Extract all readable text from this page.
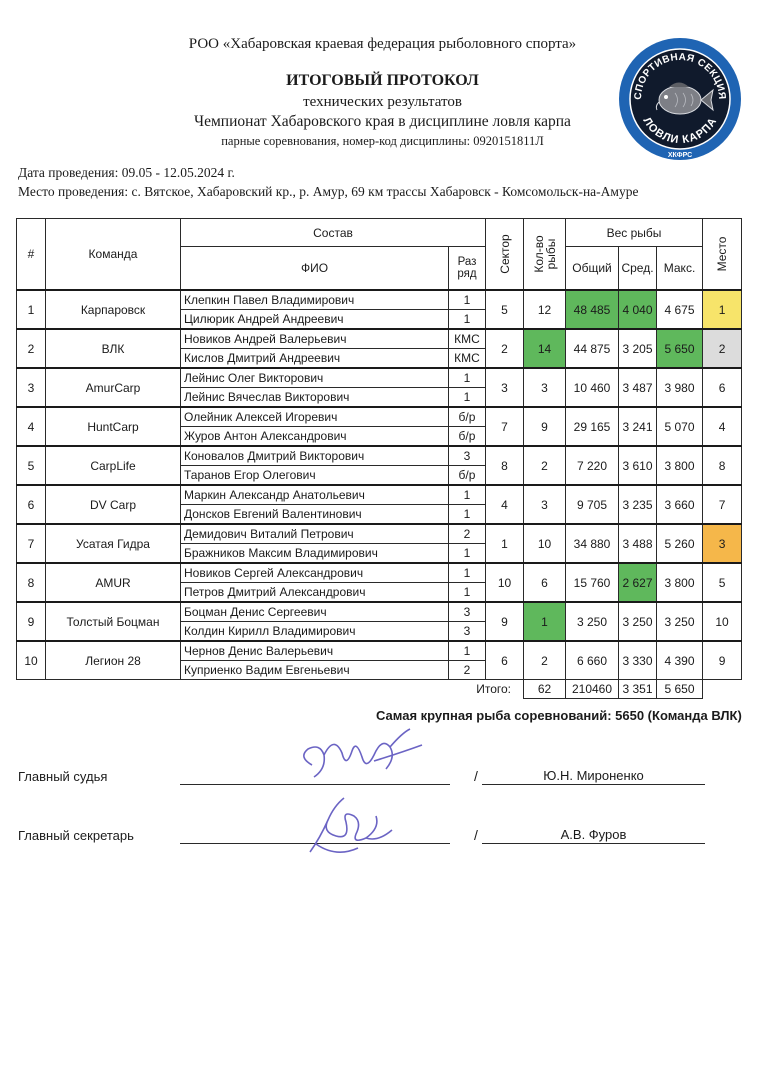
РОО «Хабаровская краевая федерация рыболовного спорта»
ИТОГОВЫЙ ПРОТОКОЛ
технических результатов
Чемпионат Хабаровского края в дисциплине ловля карпа
парные соревнования, номер-код дисциплины: 0920151811Л
Дата проведения: 09.05 - 12.05.2024 г.
Место проведения: с. Вятское, Хабаровский кр., р. Амур, 69 км трассы Хабаровск - Комсомольск-на-Амуре
СПОРТИВНАЯ СЕКЦИЯ
ЛОВЛИ КАРПА
ХКФРС
#	Команда	Состав		Сектор	Кол-во рыбы	Вес рыбы			Место

		ФИО	Раз
ряд			Общий	Сред.	Макс.	
1	Карпаровск	Клепкин Павел Владимирович	1	5	12	48 485	4 040	4 675	1
		Цилюрик Андрей Андреевич	1						
2	ВЛК	Новиков Андрей Валерьевич	КМС	2	14	44 875	3 205	5 650	2
		Кислов Дмитрий Андреевич	КМС						
3	AmurCarp	Лейнис Олег Викторович	1	3	3	10 460	3 487	3 980	6
		Лейнис Вячеслав Викторович	1						
4	HuntCarp	Олейник Алексей Игоревич	б/р	7	9	29 165	3 241	5 070	4
		Журов Антон Александрович	б/р						
5	CarpLife	Коновалов Дмитрий Викторович	3	8	2	7 220	3 610	3 800	8
		Таранов Егор Олегович	б/р						
6	DV Carp	Маркин Александр Анатольевич	1	4	3	9 705	3 235	3 660	7
		Донсков Евгений Валентинович	1						
7	Усатая Гидра	Демидович Виталий Петрович	2	1	10	34 880	3 488	5 260	3
		Бражников Максим Владимирович	1						
8	AMUR	Новиков Сергей Александрович	1	10	6	15 760	2 627	3 800	5
		Петров Дмитрий Александрович	1						
9	Толстый Боцман	Боцман Денис Сергеевич	3	9	1	3 250	3 250	3 250	10
		Колдин Кирилл Владимирович	3						
10	Легион 28	Чернов Денис Валерьевич	1	6	2	6 660	3 330	4 390	9
		Куприенко Вадим Евгеньевич	2						
Итого:					62	210460	3 351	5 650	
Самая крупная рыба соревнований: 5650 (Команда ВЛК)
Главный судья	/	Ю.Н. Мироненко
Главный секретарь	/	А.В. Фуров
